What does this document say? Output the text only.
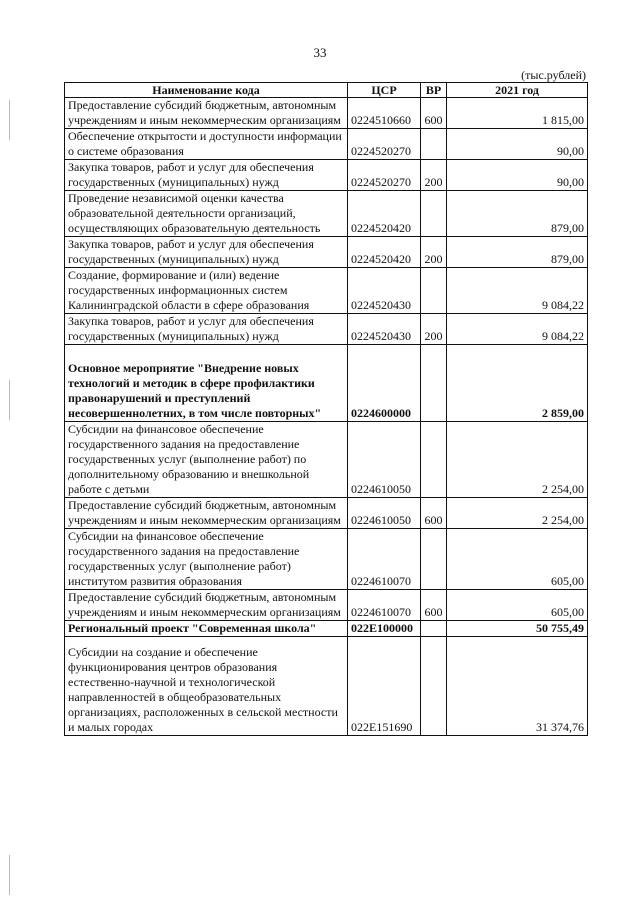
33
(тыс.рублей)
Наименование кода	ЦСР	ВР	2021 год
Предоставление субсидий бюджетным, автономным учреждениям и иным некоммерческим организациям	0224510660	600	1 815,00
Обеспечение открытости и доступности информации о системе образования	0224520270		90,00
Закупка товаров, работ и услуг для обеспечения государственных (муниципальных) нужд	0224520270	200	90,00
Проведение независимой оценки качества образовательной деятельности организаций, осуществляющих образовательную деятельность	0224520420		879,00
Закупка товаров, работ и услуг для обеспечения государственных (муниципальных) нужд	0224520420	200	879,00
Создание, формирование и (или) ведение государственных информационных систем Калининградской области в сфере образования	0224520430		9 084,22
Закупка товаров, работ и услуг для обеспечения государственных (муниципальных) нужд	0224520430	200	9 084,22
Основное мероприятие "Внедрение новых технологий и методик в сфере профилактики правонарушений и преступлений несовершеннолетних, в том числе повторных"	0224600000		2 859,00
Субсидии на финансовое обеспечение государственного задания на предоставление государственных услуг (выполнение работ) по дополнительному образованию и внешкольной работе с детьми	0224610050		2 254,00
Предоставление субсидий бюджетным, автономным учреждениям и иным некоммерческим организациям	0224610050	600	2 254,00
Субсидии на финансовое обеспечение государственного задания на предоставление государственных услуг (выполнение работ) институтом развития образования	0224610070		605,00
Предоставление субсидий бюджетным, автономным учреждениям и иным некоммерческим организациям	0224610070	600	605,00
Региональный проект "Современная школа"	022E100000		50 755,49
Субсидии на создание и обеспечение функционирования центров образования естественно-научной и технологической направленностей в общеобразовательных организациях, расположенных в сельской местности и малых городах	022E151690		31 374,76
